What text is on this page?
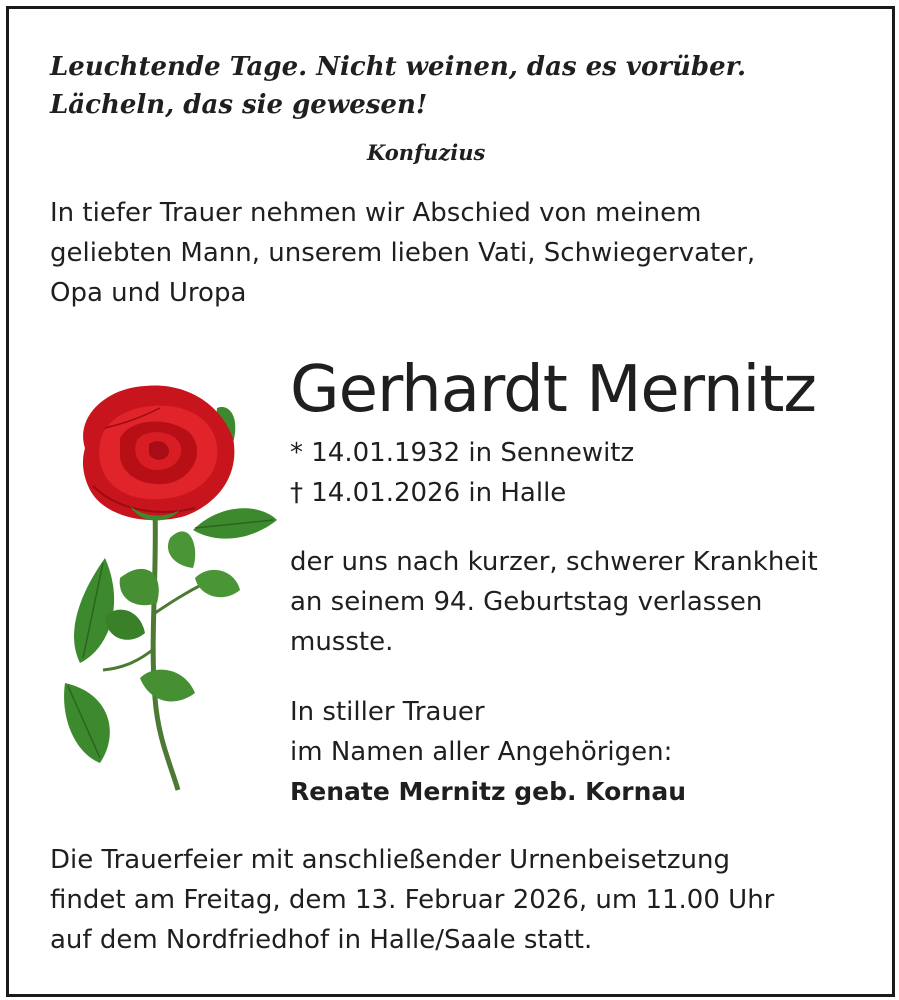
Leuchtende Tage. Nicht weinen, das es vorüber.
Lächeln, das sie gewesen!
Konfuzius
In tiefer Trauer nehmen wir Abschied von meinem
geliebten Mann, unserem lieben Vati, Schwiegervater,
Opa und Uropa
Gerhardt Mernitz
* 14.01.1932 in Sennewitz
† 14.01.2026 in Halle
der uns nach kurzer, schwerer Krankheit
an seinem 94. Geburtstag verlassen
musste.
In stiller Trauer
im Namen aller Angehörigen:
Renate Mernitz geb. Kornau
Die Trauerfeier mit anschließender Urnenbeisetzung
findet am Freitag, dem 13. Februar 2026, um 11.00 Uhr
auf dem Nordfriedhof in Halle/Saale statt.
